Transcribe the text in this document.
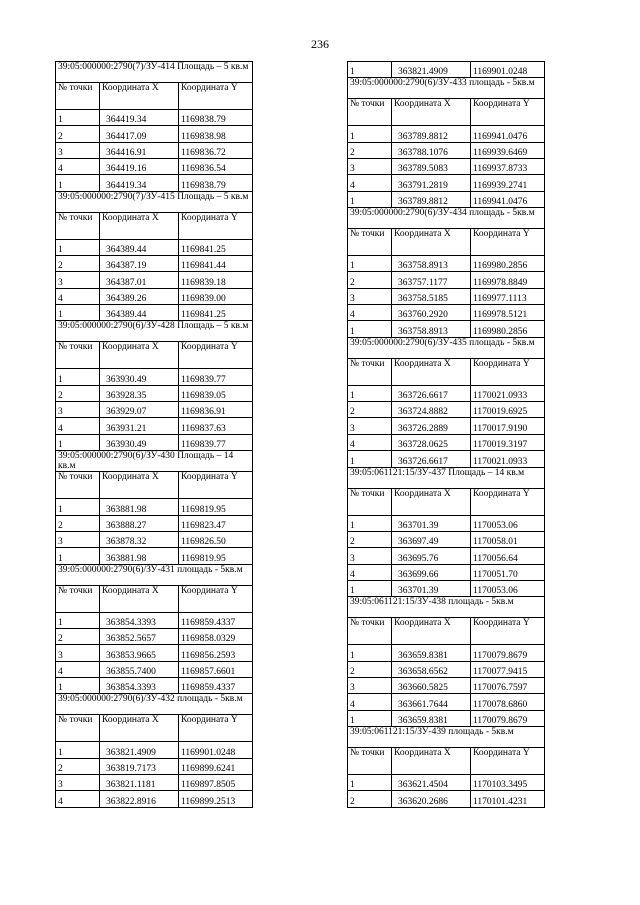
236
39:05:000000:2790(7)/ЗУ-414 Площадь – 5 кв.м		
№ точки	Координата X	Координата Y
1	364419.34	1169838.79
2	364417.09	1169838.98
3	364416.91	1169836.72
4	364419.16	1169836.54
1	364419.34	1169838.79
39:05:000000:2790(7)/ЗУ-415 Площадь – 5 кв.м		
№ точки	Координата X	Координата Y
1	364389.44	1169841.25
2	364387.19	1169841.44
3	364387.01	1169839.18
4	364389.26	1169839.00
1	364389.44	1169841.25
39:05:000000:2790(6)/ЗУ-428 Площадь – 5 кв.м		
№ точки	Координата X	Координата Y
1	363930.49	1169839.77
2	363928.35	1169839.05
3	363929.07	1169836.91
4	363931.21	1169837.63
1	363930.49	1169839.77
39:05:000000:2790(6)/ЗУ-430 Площадь – 14 кв.м		
№ точки	Координата X	Координата Y
1	363881.98	1169819.95
2	363888.27	1169823.47
3	363878.32	1169826.50
1	363881.98	1169819.95
39:05:000000:2790(6)/ЗУ-431 площадь - 5кв.м		
№ точки	Координата X	Координата Y
1	363854.3393	1169859.4337
2	363852.5657	1169858.0329
3	363853.9665	1169856.2593
4	363855.7400	1169857.6601
1	363854.3393	1169859.4337
39:05:000000:2790(6)/ЗУ-432 площадь - 5кв.м		
№ точки	Координата X	Координата Y
1	363821.4909	1169901.0248
2	363819.7173	1169899.6241
3	363821.1181	1169897.8505
4	363822.8916	1169899.2513
1	363821.4909	1169901.0248
39:05:000000:2790(6)/ЗУ-433 площадь - 5кв.м		
№ точки	Координата X	Координата Y
1	363789.8812	1169941.0476
2	363788.1076	1169939.6469
3	363789.5083	1169937.8733
4	363791.2819	1169939.2741
1	363789.8812	1169941.0476
39:05:000000:2790(6)/ЗУ-434 площадь - 5кв.м		
№ точки	Координата X	Координата Y
1	363758.8913	1169980.2856
2	363757.1177	1169978.8849
3	363758.5185	1169977.1113
4	363760.2920	1169978.5121
1	363758.8913	1169980.2856
39:05:000000:2790(6)/ЗУ-435 площадь - 5кв.м		
№ точки	Координата X	Координата Y
1	363726.6617	1170021.0933
2	363724.8882	1170019.6925
3	363726.2889	1170017.9190
4	363728.0625	1170019.3197
1	363726.6617	1170021.0933
39:05:061121:15/ЗУ-437 Площадь – 14 кв.м		
№ точки	Координата X	Координата Y
1	363701.39	1170053.06
2	363697.49	1170058.01
3	363695.76	1170056.64
4	363699.66	1170051.70
1	363701.39	1170053.06
39:05:061121:15/ЗУ-438 площадь - 5кв.м		
№ точки	Координата X	Координата Y
1	363659.8381	1170079.8679
2	363658.6562	1170077.9415
3	363660.5825	1170076.7597
4	363661.7644	1170078.6860
1	363659.8381	1170079.8679
39:05:061121:15/ЗУ-439 площадь - 5кв.м		
№ точки	Координата X	Координата Y
1	363621.4504	1170103.3495
2	363620.2686	1170101.4231
